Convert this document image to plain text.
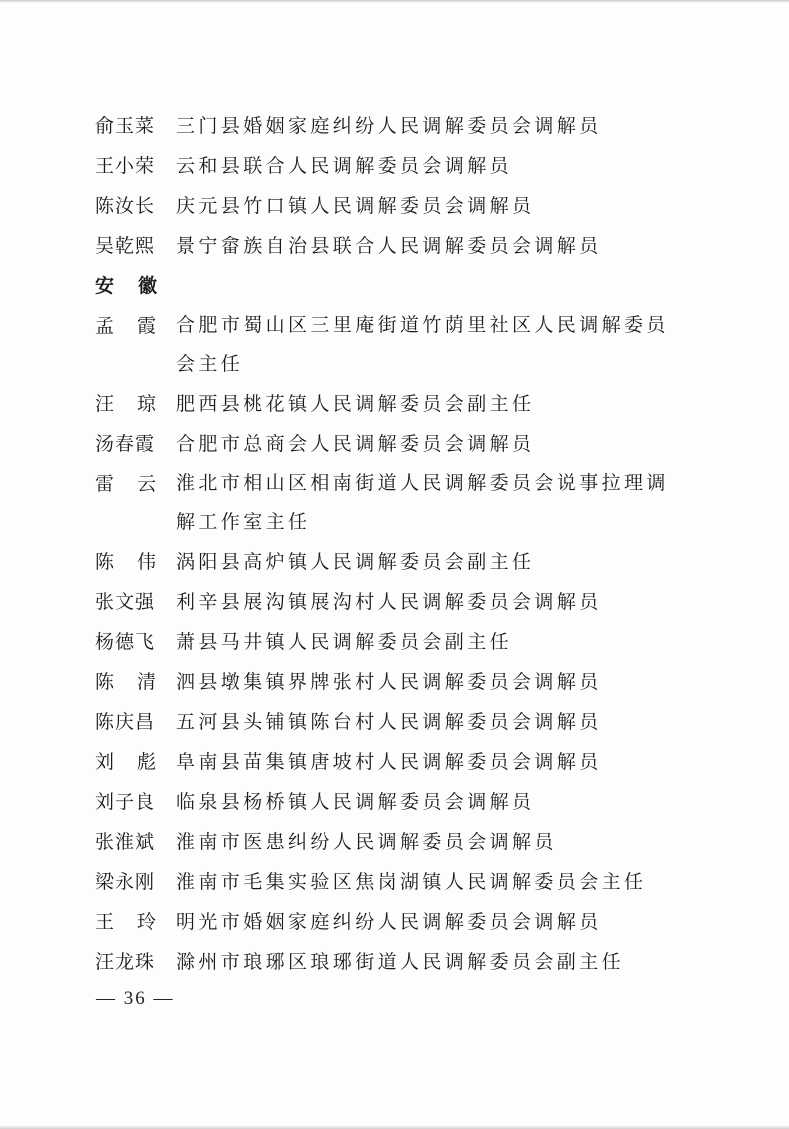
俞玉菜	三门县婚姻家庭纠纷人民调解委员会调解员
王小荣	云和县联合人民调解委员会调解员
陈汝长	庆元县竹口镇人民调解委员会调解员
吴乾熙	景宁畲族自治县联合人民调解委员会调解员
安 徽
孟 霞 合肥市蜀山区三里庵街道竹荫里社区人民调解委员会主任
汪 琼 肥西县桃花镇人民调解委员会副主任
汤春霞	合肥市总商会人民调解委员会调解员
雷 云 淮北市相山区相南街道人民调解委员会说事拉理调解工作室主任
陈 伟 涡阳县高炉镇人民调解委员会副主任
张文强	利辛县展沟镇展沟村人民调解委员会调解员
杨德飞	萧县马井镇人民调解委员会副主任
陈 清 泗县墩集镇界牌张村人民调解委员会调解员
陈庆昌	五河县头铺镇陈台村人民调解委员会调解员
刘 彪 阜南县苗集镇唐坡村人民调解委员会调解员
刘子良	临泉县杨桥镇人民调解委员会调解员
张淮斌	淮南市医患纠纷人民调解委员会调解员
梁永刚	淮南市毛集实验区焦岗湖镇人民调解委员会主任
王 玲 明光市婚姻家庭纠纷人民调解委员会调解员
汪龙珠	滁州市琅琊区琅琊街道人民调解委员会副主任
— 36 —
